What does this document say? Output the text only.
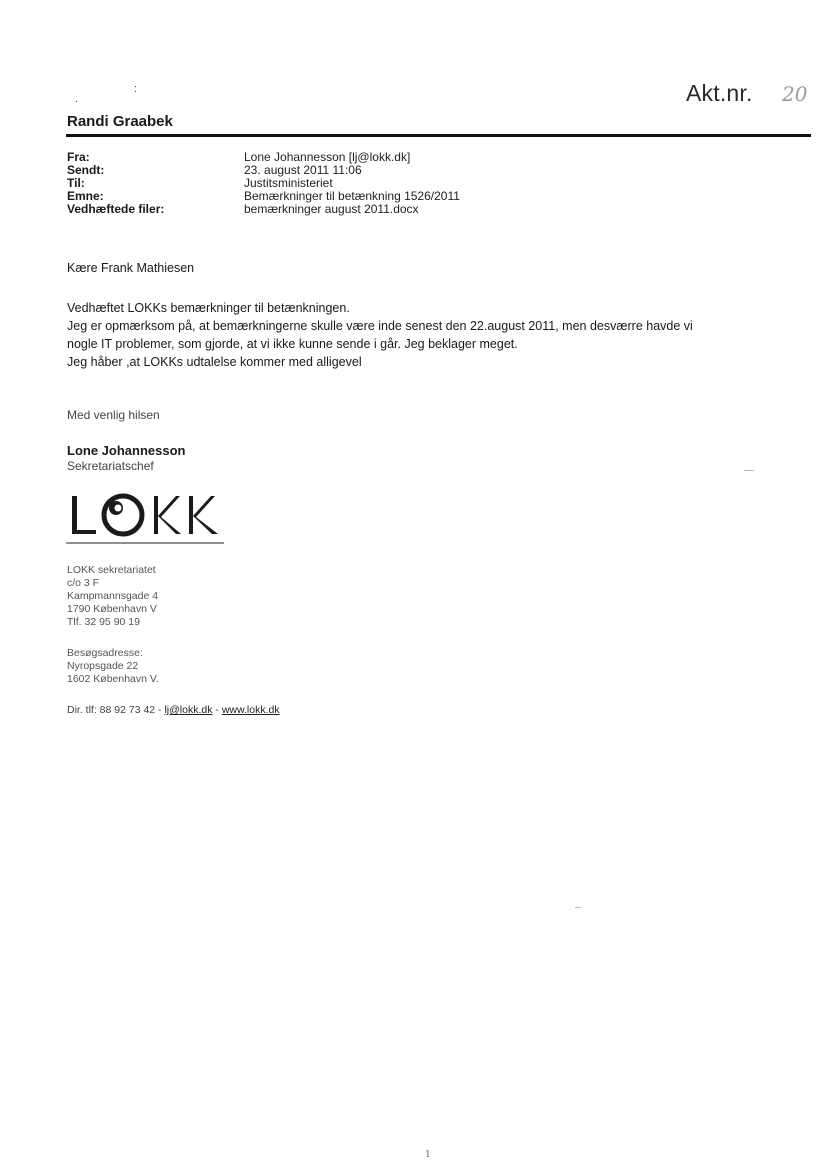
.
:	Akt.nr. 20
Randi Graabek
Fra:	Lone Johannesson [lj@lokk.dk]
Sendt:	23. august 2011 11:06
Til:	Justitsministeriet
Emne:	Bemærkninger til betænkning 1526/2011
Vedhæftede filer:	bemærkninger august 2011.docx
Kære Frank Mathiesen
Vedhæftet LOKKs bemærkninger til betænkningen.
Jeg er opmærksom på, at bemærkningerne skulle være inde senest den 22.august 2011, men desværre havde vi
nogle IT problemer, som gjorde, at vi ikke kunne sende i går. Jeg beklager meget.
Jeg håber ,at LOKKs udtalelse kommer med alligevel
Med venlig hilsen
Lone Johannesson
Sekretariatschef
LOKK sekretariatet
c/o 3 F
Kampmannsgade 4
1790 København V
Tlf. 32 95 90 19
Besøgsadresse:
Nyropsgade 22
1602 København V.
Dir. tlf: 88 92 73 42 - lj@lokk.dk - www.lokk.dk
1
